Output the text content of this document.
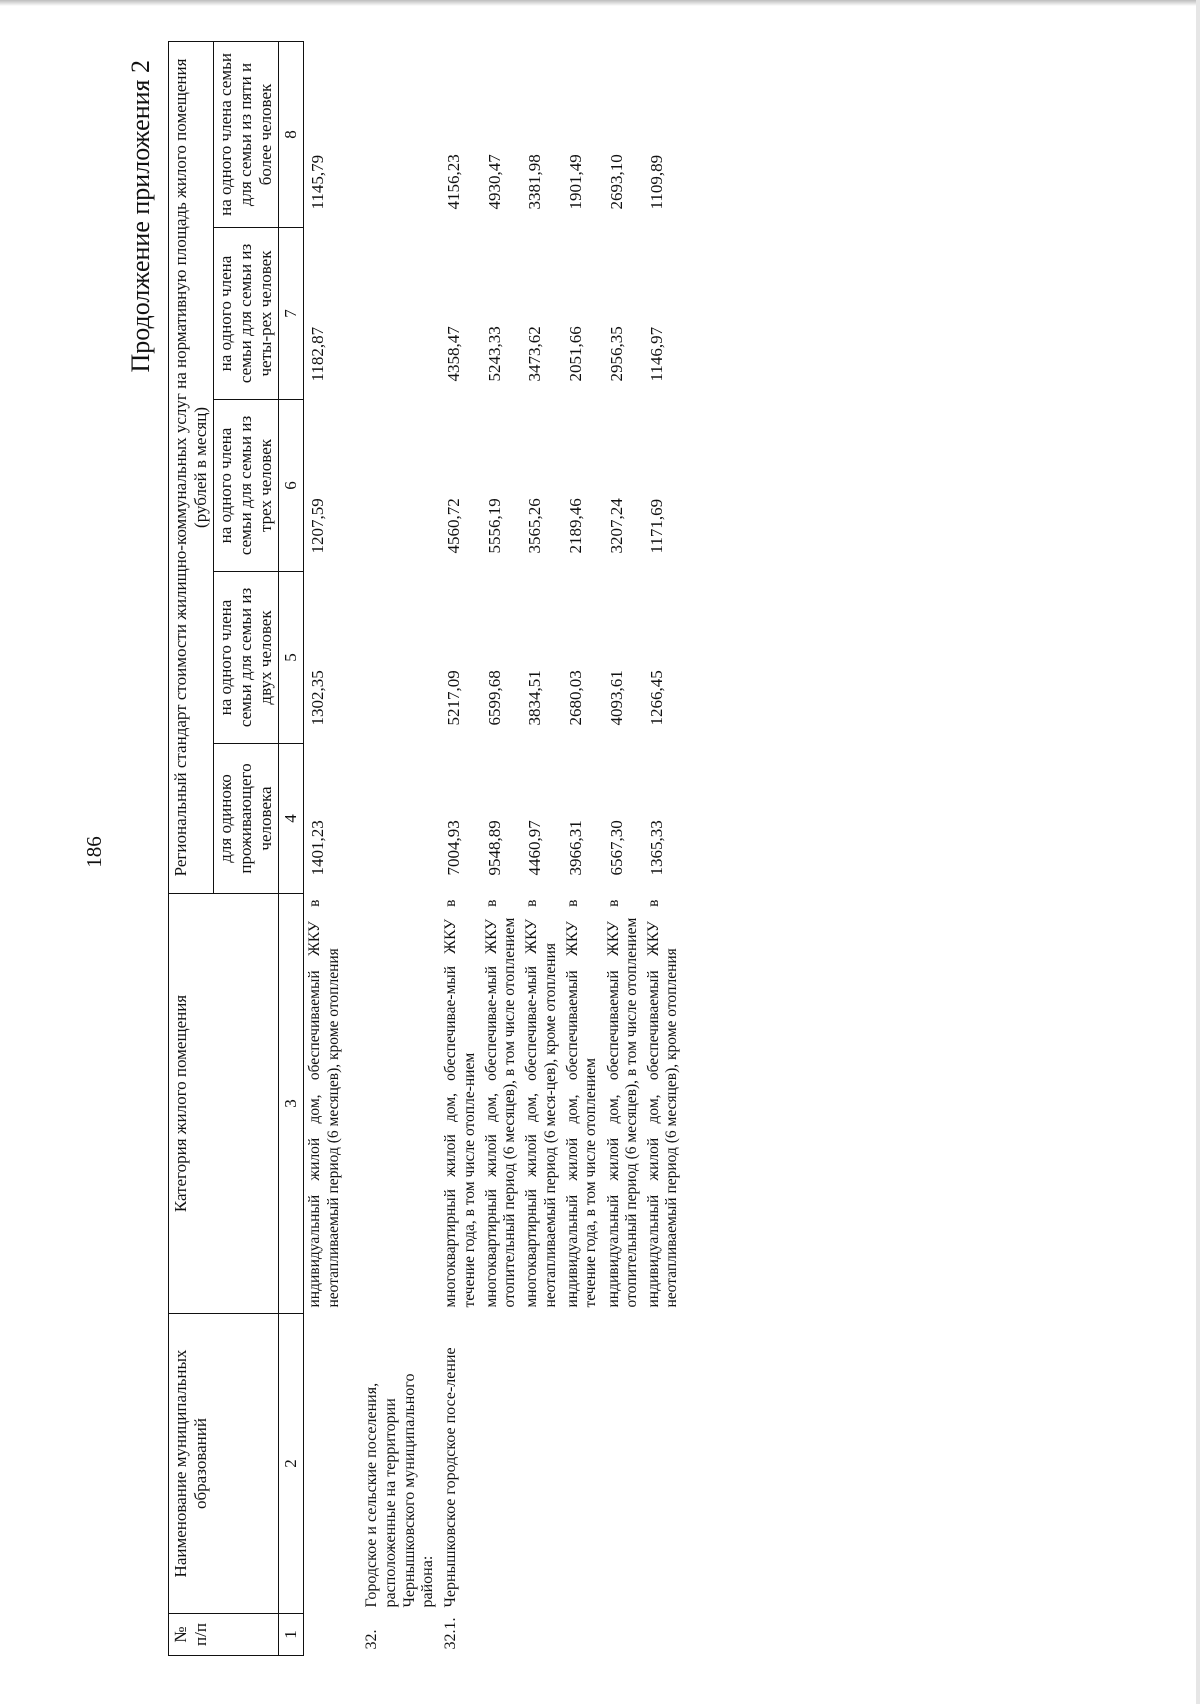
186
Продолжение приложения 2
№ п/п	Наименование муниципальных образований	Категория жилого помещения	Региональный стандарт стоимости жилищно-коммунальных услуг на нормативную площадь жилого помещения (рублей в месяц)				
			для одиноко проживающего человека	на одного члена семьи для семьи из двух человек	на одного члена семьи для семьи из трех человек	на одного члена семьи для семьи из четы-рех человек	на одного члена семьи для семьи из пяти и более человек
1	2	3	4	5	6	7	8
		индивидуальный жилой дом, обеспечиваемый ЖКУ в неотапливаемый период (6 месяцев), кроме отопления	1401,23	1302,35	1207,59	1182,87	1145,79
32.	Городское и сельские поселения, расположенные на территории Чернышковского муниципального района:						
32.1.	Чернышковское городское посе-ление	многоквартирный жилой дом, обеспечивае-мый ЖКУ в течение года, в том числе отопле-нием	7004,93	5217,09	4560,72	4358,47	4156,23
		многоквартирный жилой дом, обеспечивае-мый ЖКУ в отопительный период (6 месяцев), в том числе отоплением	9548,89	6599,68	5556,19	5243,33	4930,47
		многоквартирный жилой дом, обеспечивае-мый ЖКУ в неотапливаемый период (6 меся-цев), кроме отопления	4460,97	3834,51	3565,26	3473,62	3381,98
		индивидуальный жилой дом, обеспечиваемый ЖКУ в течение года, в том числе отоплением	3966,31	2680,03	2189,46	2051,66	1901,49
		индивидуальный жилой дом, обеспечиваемый ЖКУ в отопительный период (6 месяцев), в том числе отоплением	6567,30	4093,61	3207,24	2956,35	2693,10
		индивидуальный жилой дом, обеспечиваемый ЖКУ в неотапливаемый период (6 месяцев), кроме отопления	1365,33	1266,45	1171,69	1146,97	1109,89
